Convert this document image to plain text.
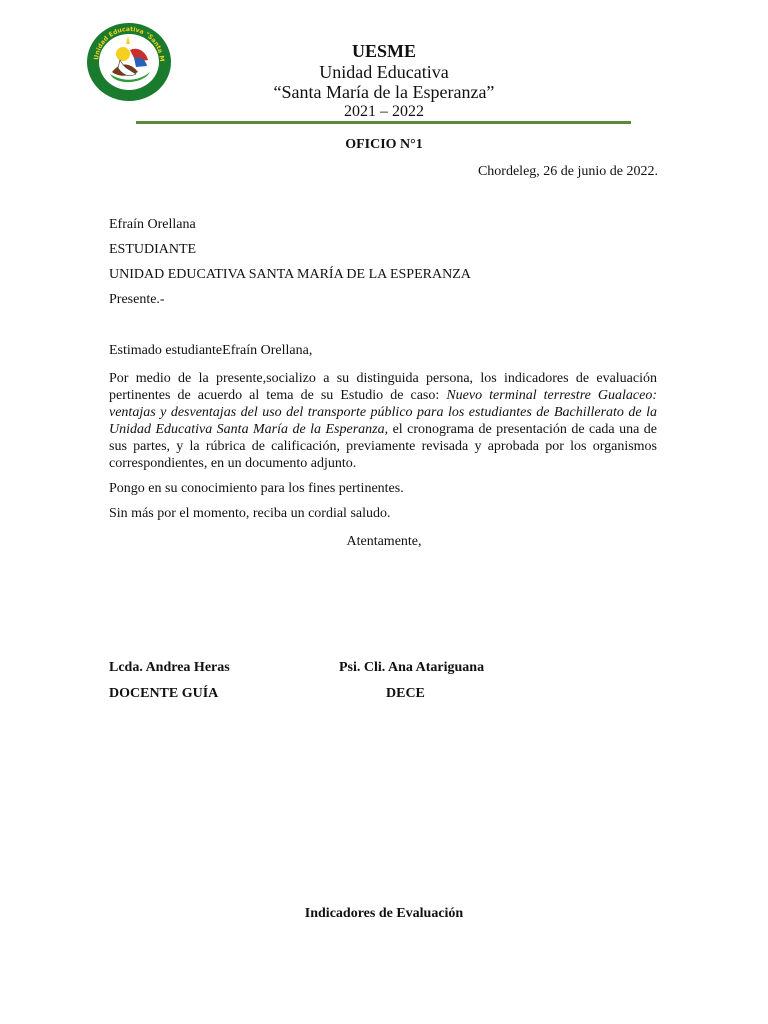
Unidad Educativa "Santa M	UESME
Unidad Educativa
“Santa María de la Esperanza”
2021 – 2022
OFICIO N°1
Chordeleg, 26 de junio de 2022.
Efraín Orellana
ESTUDIANTE
UNIDAD EDUCATIVA SANTA MARÍA DE LA ESPERANZA
Presente.-
Estimado estudianteEfraín Orellana,
Por medio de la presente,socializo a su distinguida persona, los indicadores de evaluación pertinentes de acuerdo al tema de su Estudio de caso: Nuevo terminal terrestre Gualaceo: ventajas y desventajas del uso del transporte público para los estudiantes de Bachillerato de la Unidad Educativa Santa María de la Esperanza, el cronograma de presentación de cada una de sus partes, y la rúbrica de calificación, previamente revisada y aprobada por los organismos correspondientes, en un documento adjunto.
Pongo en su conocimiento para los fines pertinentes.
Sin más por el momento, reciba un cordial saludo.
Atentamente,
Lcda. Andrea Heras
DOCENTE GUÍA
Psi. Cli. Ana Atariguana
DECE
Indicadores de Evaluación
